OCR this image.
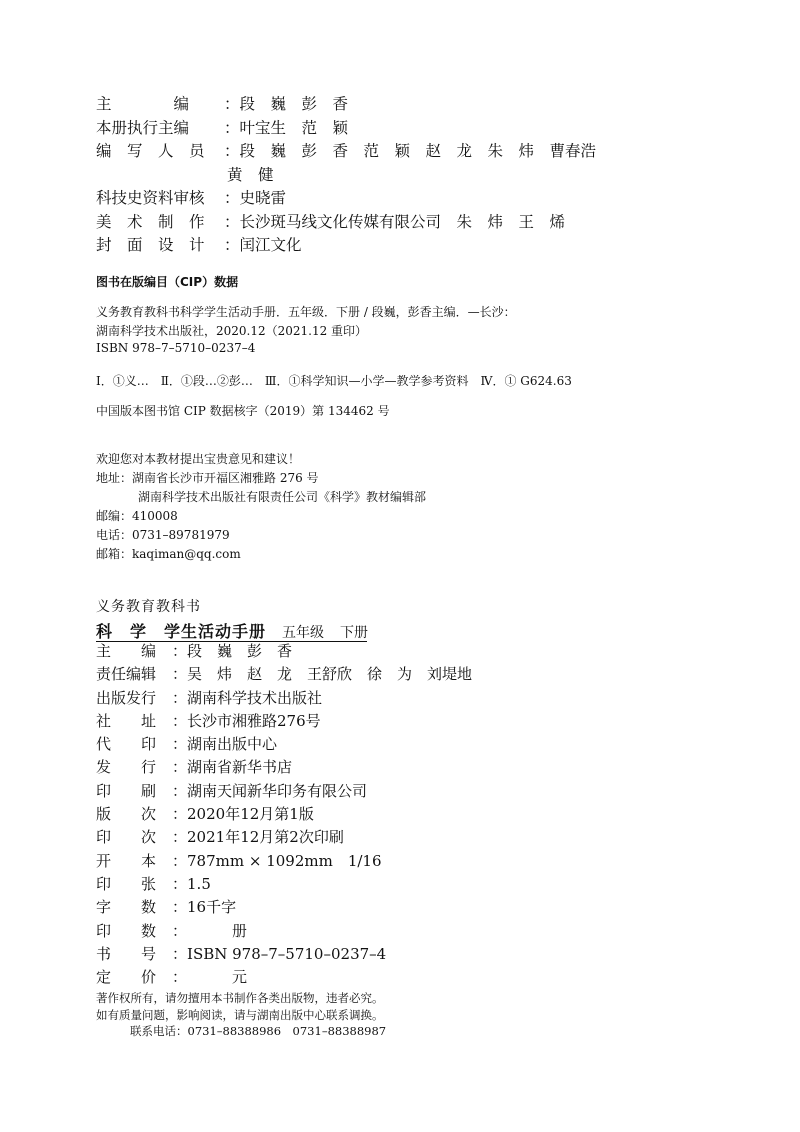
主　　　　编	： 段　巍　彭　香
本册执行主编	： 叶宝生　范　颖
编　写　人　员	： 段　巍　彭　香　范　颖　赵　龙　朱　炜　曹春浩
黄　健
科技史资料审核	： 史晓雷
美　术　制　作	： 长沙斑马线文化传媒有限公司　朱　炜　王　烯
封　面　设　计	： 闰江文化
图书在版编目（CIP）数据
义务教育教科书科学学生活动手册．五年级．下册 / 段巍，彭香主编．—长沙：
湖南科学技术出版社，2020.12（2021.12 重印）
ISBN 978–7–5710–0237–4
Ⅰ．①义…　Ⅱ．①段…②彭…　Ⅲ．①科学知识—小学—教学参考资料　Ⅳ．① G624.63
中国版本图书馆 CIP 数据核字（2019）第 134462 号
欢迎您对本教材提出宝贵意见和建议！
地址：湖南省长沙市开福区湘雅路 276 号
湖南科学技术出版社有限责任公司《科学》教材编辑部
邮编：410008
电话：0731–89781979
邮箱：kaqiman@qq.com
义务教育教科书
科　学　学生活动手册 五年级 下册
主　　编	： 段　巍　彭　香
责任编辑	： 吴　炜　赵　龙　王舒欣　徐　为　刘堤地
出版发行	： 湖南科学技术出版社
社　　址	： 长沙市湘雅路276号
代　　印	： 湖南出版中心
发　　行	： 湖南省新华书店
印　　刷	： 湖南天闻新华印务有限公司
版　　次	： 2020年12月第1版
印　　次	： 2021年12月第2次印刷
开　　本	： 787mm × 1092mm　1/16
印　　张	： 1.5
字　　数	： 16千字
印　　数	： 　　　册
书　　号	： ISBN 978–7–5710–0237–4
定　　价	： 　　　元
著作权所有，请勿擅用本书制作各类出版物，违者必究。
如有质量问题，影响阅读，请与湖南出版中心联系调换。
联系电话：0731–88388986　0731–88388987
